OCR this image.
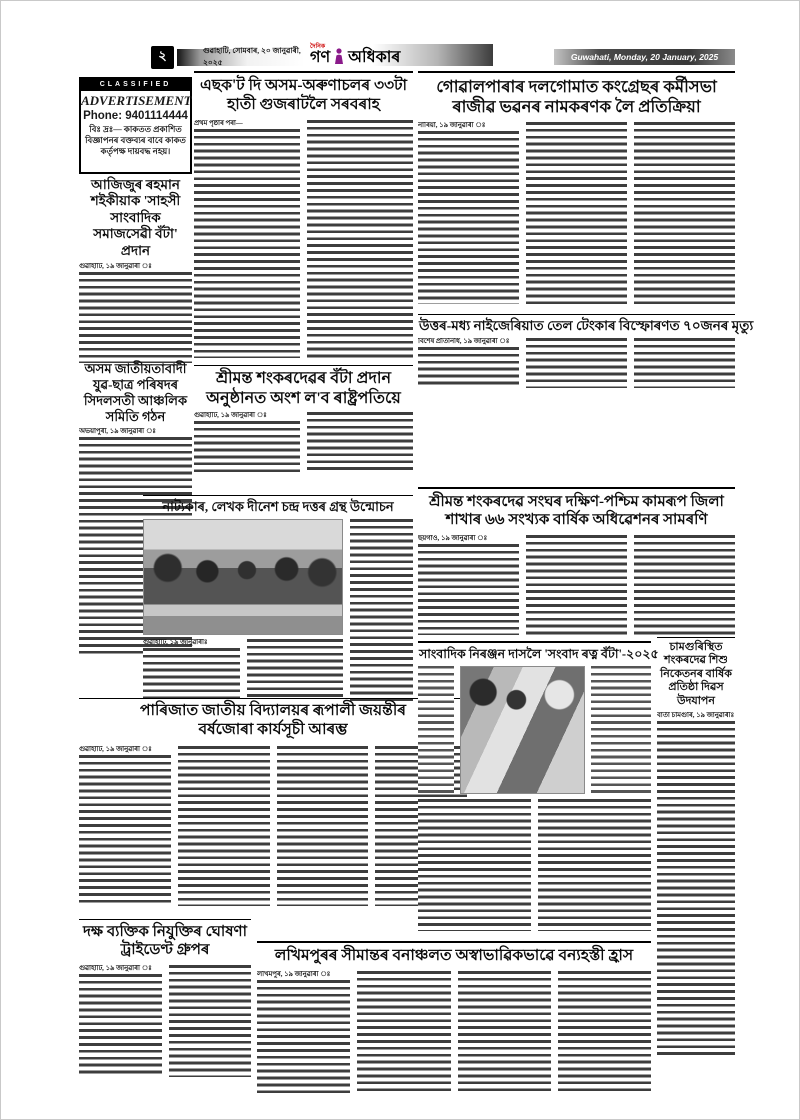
২	গুৱাহাটি, সোমবাৰ, ২০ জানুৱাৰী, ২০২৫
দৈনিক
গণ অধিকাৰ	Guwahati, Monday, 20 January, 2025
CLASSIFIED
ADVERTISEMENT
Phone: 9401114444
বিঃ দ্ৰঃ— কাকতত প্ৰকাশিত বিজ্ঞাপনৰ বক্তব্যৰ বাবে কাকত কৰ্তৃপক্ষ দায়বদ্ধ নহয়।
আজিজুৰ ৰহমান শইকীয়াক 'সাহসী সাংবাদিক সমাজসেৱী বঁটা' প্ৰদান
গুৱাহাটি, ১৯ জানুৱাৰী ঃ
অসম জাতীয়তাবাদী যুৱ-ছাত্ৰ পৰিষদৰ সিদলসতী আঞ্চলিক সমিতি গঠন
অভয়াপুৰী, ১৯ জানুৱাৰী ঃ
এছক'ট দি অসম-অৰুণাচলৰ ৩৩টা হাতী গুজৰাটলৈ সৰবৰাহ
প্ৰথম পৃষ্ঠাৰ পৰা—
গোৱালপাৰাৰ দলগোমাত কংগ্ৰেছৰ কৰ্মীসভা ৰাজীৱ ভৱনৰ নামকৰণক লৈ প্ৰতিক্ৰিয়া
নাৰিয়া, ১৯ জানুৱাৰী ঃ
উত্তৰ-মধ্য নাইজেৰিয়াত তেল টেংকাৰ বিস্ফোৰণত ৭০জনৰ মৃত্যু
বিশেষ প্ৰতিনিধি, ১৯ জানুৱাৰী ঃ
শ্ৰীমন্ত শংকৰদেৱৰ বঁটা প্ৰদান অনুষ্ঠানত অংশ ল'ব ৰাষ্ট্ৰপতিয়ে
গুৱাহাটি, ১৯ জানুৱাৰী ঃ
নাট্যকাৰ, লেখক দীনেশ চন্দ্ৰ দত্তৰ গ্ৰন্থ উন্মোচন
গুৱাহাটি, ১৯ জানুৱাৰীঃ
শ্ৰীমন্ত শংকৰদেৱ সংঘৰ দক্ষিণ-পশ্চিম কামৰূপ জিলা শাখাৰ ৬৬ সংখ্যক বাৰ্ষিক অধিৱেশনৰ সামৰণি
ছয়গাঁও, ১৯ জানুৱাৰী ঃ
পাৰিজাত জাতীয় বিদ্যালয়ৰ ৰূপালী জয়ন্তীৰ বৰ্ষজোৰা কাৰ্যসূচী আৰম্ভ
গুৱাহাটি, ১৯ জানুৱাৰী ঃ
সাংবাদিক নিৰঞ্জন দাসলৈ 'সংবাদ ৰত্ন বঁটা'-২০২৫ চামগুৰিস্থিত শংকৰদেৱ শিশু নিকেতনৰ বাৰ্ষিক প্ৰতিষ্ঠা দিৱস উদযাপন
বাৰ্তা চামগুৰি, ১৯ জানুৱাৰীঃ
দক্ষ ব্যক্তিক নিযুক্তিৰ ঘোষণা ট্ৰাইডেণ্ট গ্ৰুপৰ
গুৱাহাটি, ১৯ জানুৱাৰী ঃ
লখিমপুৰৰ সীমান্তৰ বনাঞ্চলত অস্বাভাৱিকভাৱে বন্যহস্তী হ্ৰাস
লখিমপুৰ, ১৯ জানুৱাৰী ঃ
